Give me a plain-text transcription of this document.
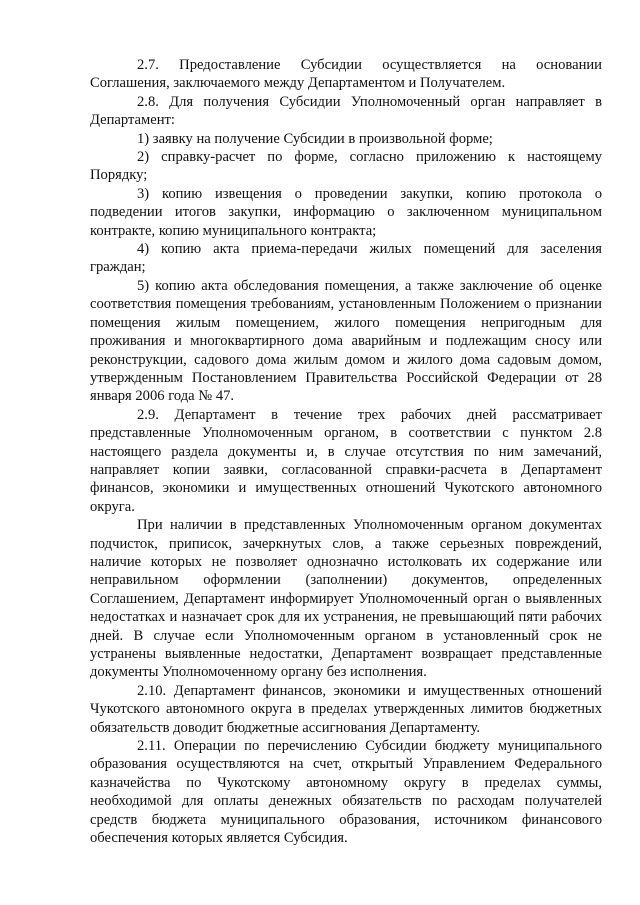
2.7. Предоставление Субсидии осуществляется на основании Соглашения, заключаемого между Департаментом и Получателем.

2.8. Для получения Субсидии Уполномоченный орган направляет в Департамент:

1) заявку на получение Субсидии в произвольной форме;

2) справку-расчет по форме, согласно приложению к настоящему Порядку;

3) копию извещения о проведении закупки, копию протокола о подведении итогов закупки, информацию о заключенном муниципальном контракте, копию муниципального контракта;

4) копию акта приема-передачи жилых помещений для заселения граждан;

5) копию акта обследования помещения, а также заключение об оценке соответствия помещения требованиям, установленным Положением о признании помещения жилым помещением, жилого помещения непригодным для проживания и многоквартирного дома аварийным и подлежащим сносу или реконструкции, садового дома жилым домом и жилого дома садовым домом, утвержденным Постановлением Правительства Российской Федерации от 28 января 2006 года № 47.

2.9. Департамент в течение трех рабочих дней рассматривает представленные Уполномоченным органом, в соответствии с пунктом 2.8 настоящего раздела документы и, в случае отсутствия по ним замечаний, направляет копии заявки, согласованной справки-расчета в Департамент финансов, экономики и имущественных отношений Чукотского автономного округа.

При наличии в представленных Уполномоченным органом документах подчисток, приписок, зачеркнутых слов, а также серьезных повреждений, наличие которых не позволяет однозначно истолковать их содержание или неправильном оформлении (заполнении) документов, определенных Соглашением, Департамент информирует Уполномоченный орган о выявленных недостатках и назначает срок для их устранения, не превышающий пяти рабочих дней. В случае если Уполномоченным органом в установленный срок не устранены выявленные недостатки, Департамент возвращает представленные документы Уполномоченному органу без исполнения.

2.10. Департамент финансов, экономики и имущественных отношений Чукотского автономного округа в пределах утвержденных лимитов бюджетных обязательств доводит бюджетные ассигнования Департаменту.

2.11. Операции по перечислению Субсидии бюджету муниципального образования осуществляются на счет, открытый Управлением Федерального казначейства по Чукотскому автономному округу в пределах суммы, необходимой для оплаты денежных обязательств по расходам получателей средств бюджета муниципального образования, источником финансового обеспечения которых является Субсидия.
